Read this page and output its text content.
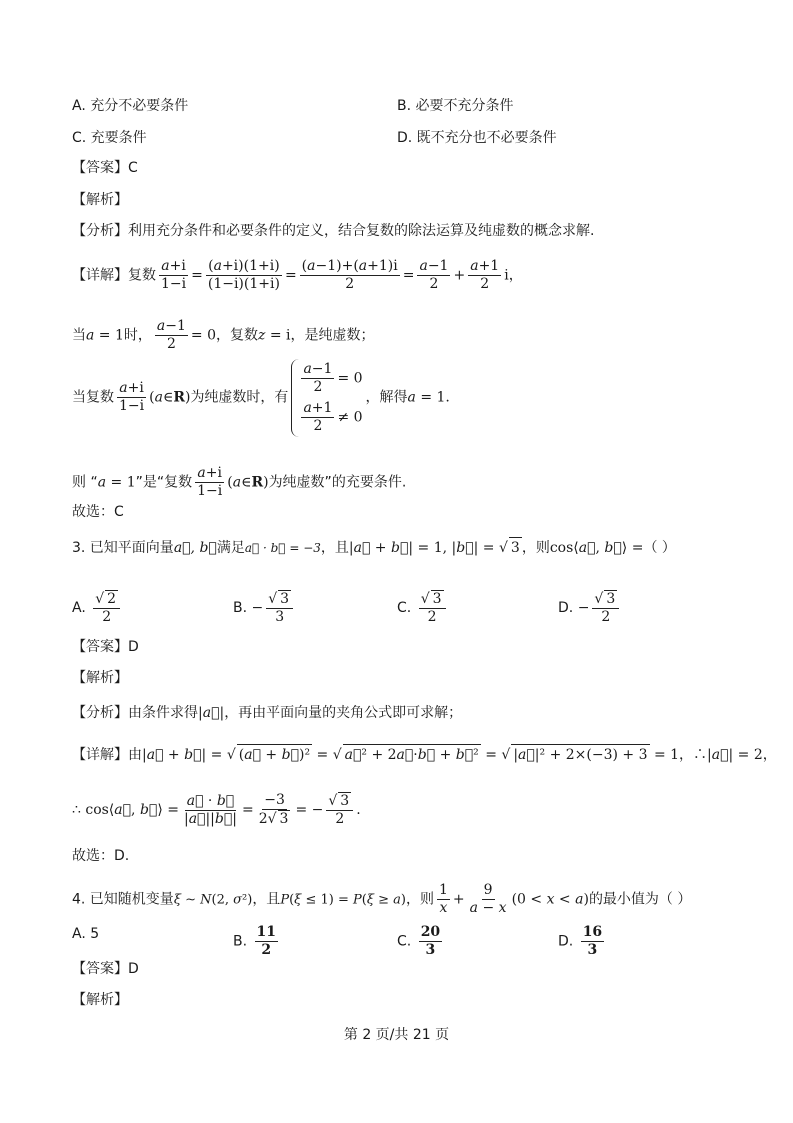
A. 充分不必要条件	B. 必要不充分条件
C. 充要条件	D. 既不充分也不必要条件
【答案】C
【解析】
【分析】利用充分条件和必要条件的定义，结合复数的除法运算及纯虚数的概念求解.
【详解】复数 $\frac{a+i}{1-i} = \frac{(a+i)(1+i)}{(1-i)(1+i)} = \frac{(a-1)+(a+1)i}{2} = \frac{a-1}{2} + \frac{a+1}{2}$ i，
当a = 1时， $\frac{a-1}{2} = 0$，复数z = i，是纯虚数；
当复数 $\frac{a+i}{1-i}$ (a∈R)为纯虚数时，有
$\frac{a-1}{2} = 0$
$\frac{a+1}{2} \ne 0$
，解得a = 1.
则 “a = 1”是“复数 $\frac{a+i}{1-i}$ (a∈R)为纯虚数”的充要条件.
故选：C
3. 已知平面向量a⃗, b⃗满足a⃗ · b⃗ = −3，且|a⃗ + b⃗| = 1, |b⃗| = √ 3 ，则cos⟨a⃗, b⃗⟩ =（ ）
A. $\frac{√ 2}{2}$	B. − $\frac{√ 3}{3}$	C. $\frac{√ 3}{2}$	D. − $\frac{√ 3}{2}$
【答案】D
【解析】
【分析】由条件求得|a⃗|，再由平面向量的夹角公式即可求解；
【详解】由|a⃗ + b⃗| = √ (a⃗ + b⃗)² = √ a⃗² + 2a⃗·b⃗ + b⃗² = √ |a⃗|² + 2×(−3) + 3 = 1，∴|a⃗| = 2，
∴ cos⟨a⃗, b⃗⟩ = $\frac{a⃗ \cdot b⃗}{|a⃗||b⃗|} = \frac{-3}{2√ 3}$ = − $\frac{√ 3}{2}$ .
故选：D.
4. 已知随机变量ξ ∼ N(2, σ²)，且P(ξ ≤ 1) = P(ξ ≥ a)，则 $\frac{1}{x} + \frac{9}{a - x} (0 < x < a)$的最小值为（ ）
A. 5	B. $\frac{11}{2}$	C. $\frac{20}{3}$	D. $\frac{16}{3}$
【答案】D
【解析】
第 2 页/共 21 页
